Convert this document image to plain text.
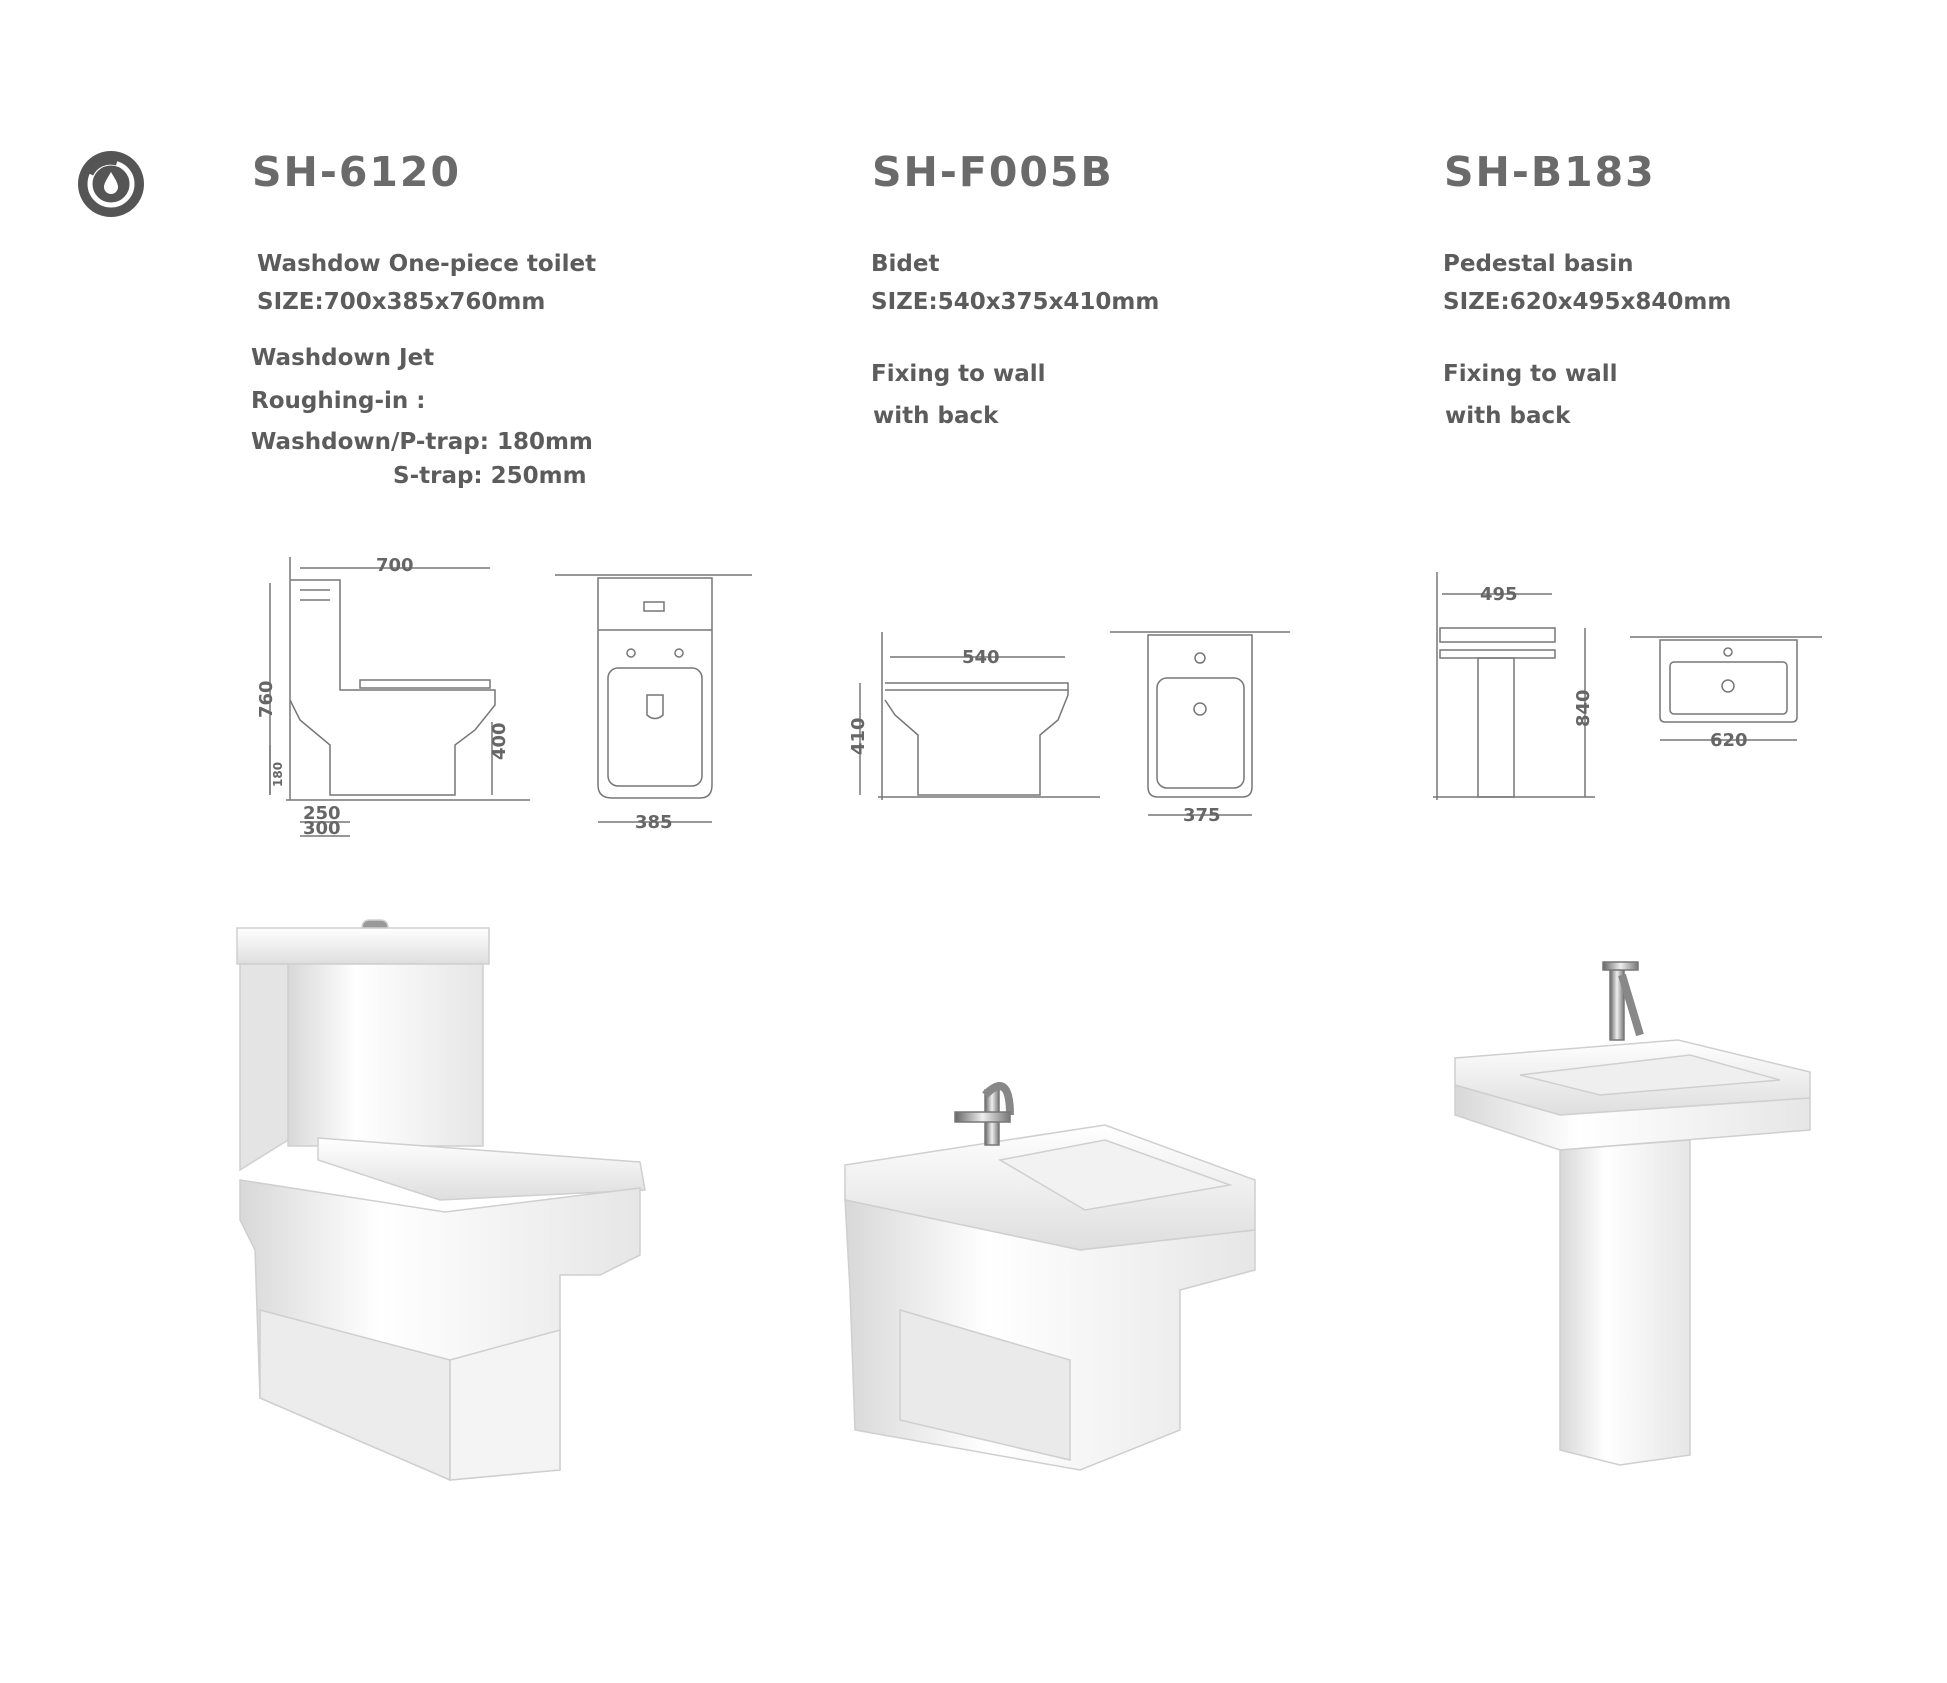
SH-6120
Washdow One-piece toilet
SIZE:700x385x760mm
Washdown Jet
Roughing-in :
Washdown/P-trap: 180mm
S-trap: 250mm
SH-F005B
Bidet
SIZE:540x375x410mm
Fixing to wall
with back
SH-B183
Pedestal basin
SIZE:620x495x840mm
Fixing to wall
with back
700
760
400
180
250
300	385
540
410
375
495
840
620
